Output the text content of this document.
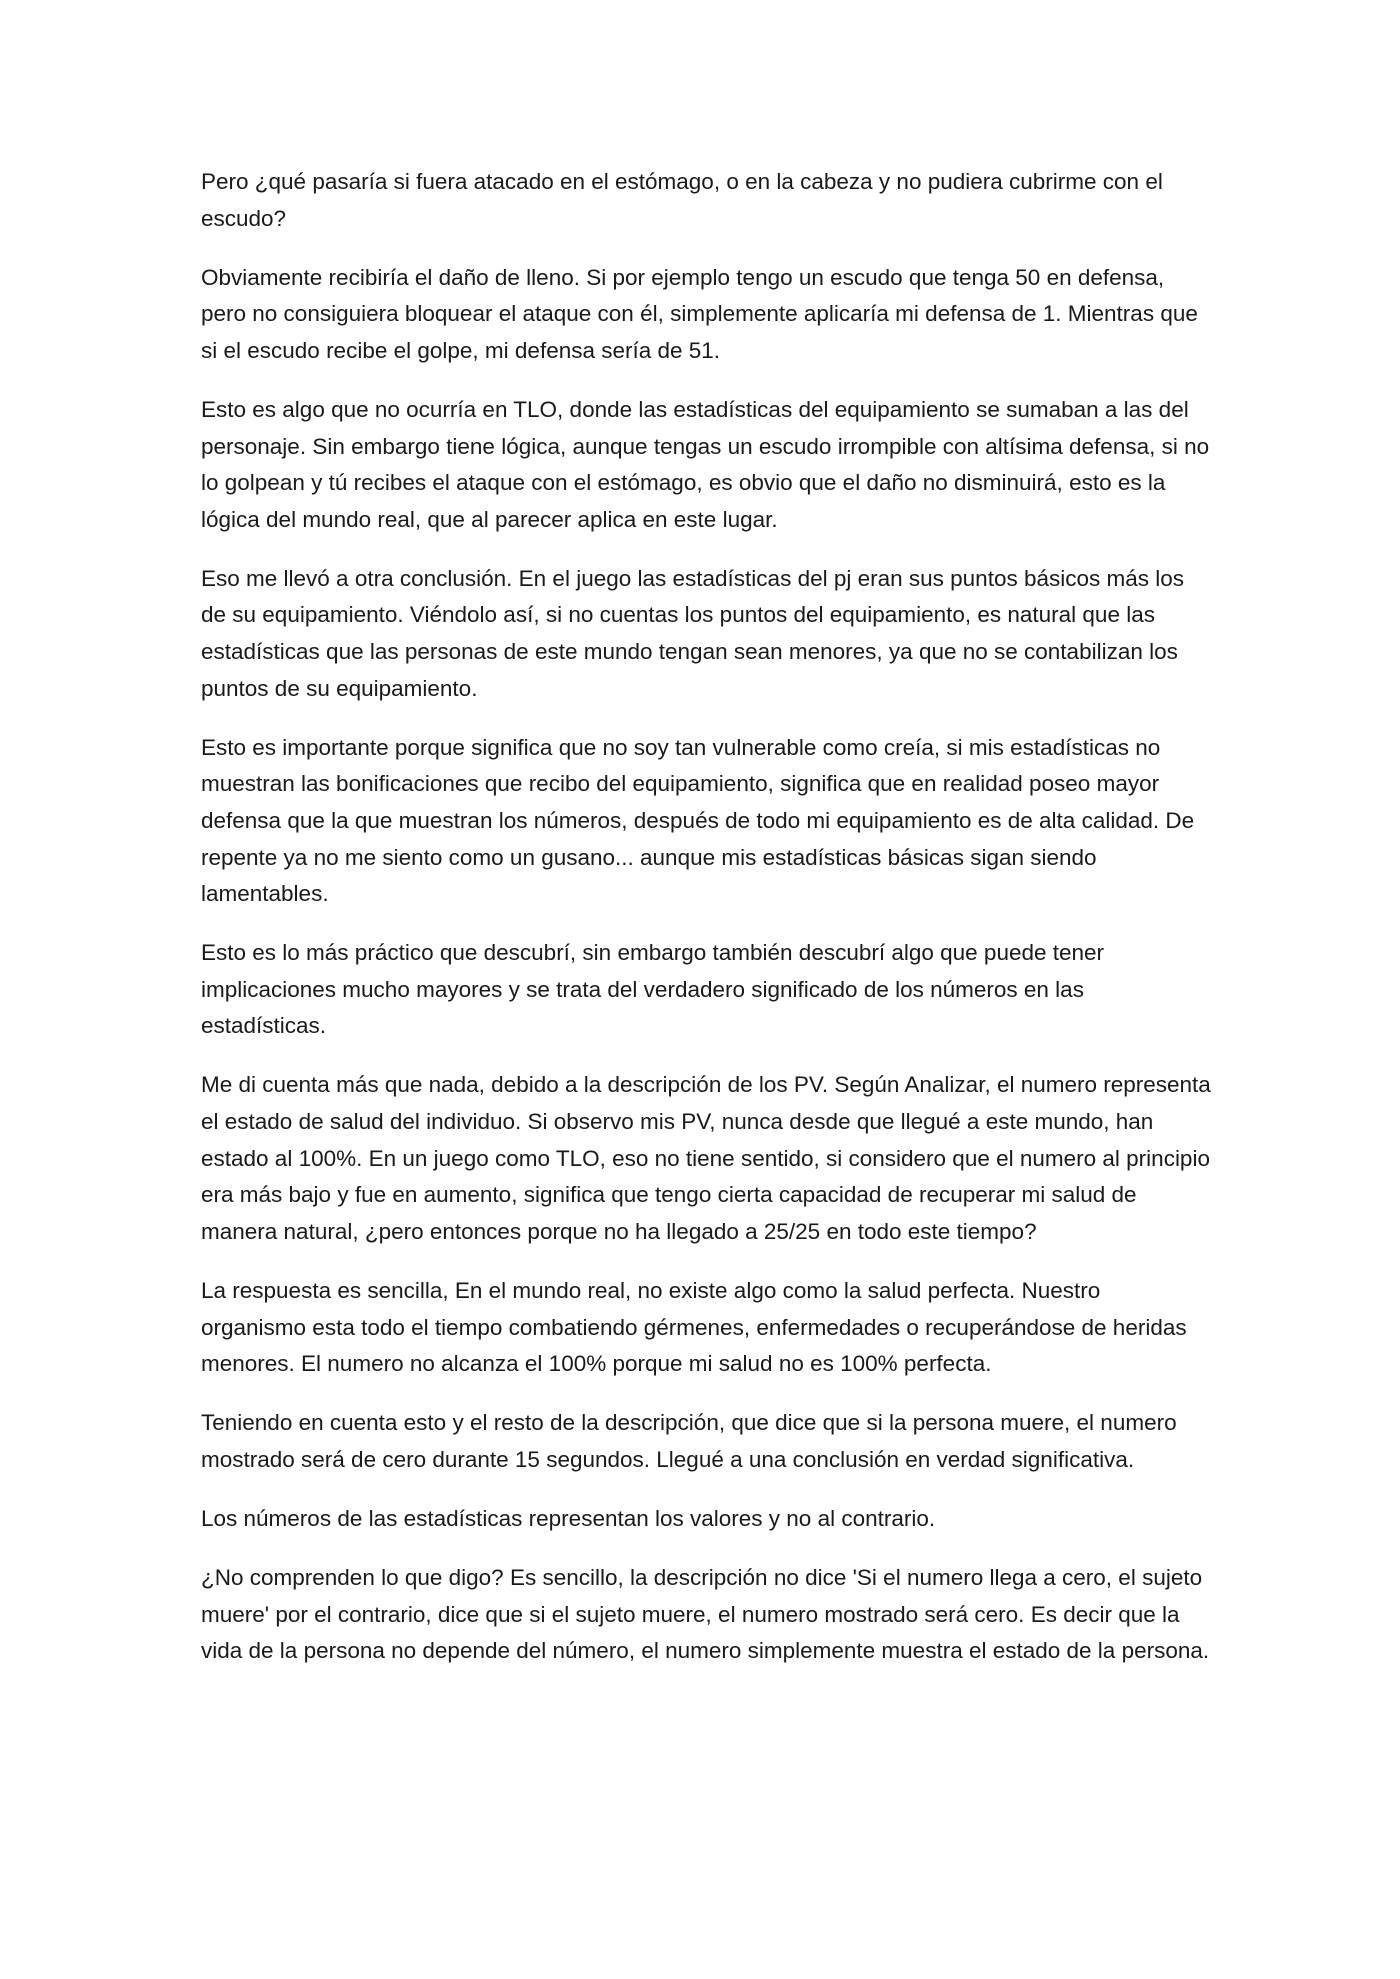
Pero ¿qué pasaría si fuera atacado en el estómago, o en la cabeza y no pudiera cubrirme con el escudo?

Obviamente recibiría el daño de lleno. Si por ejemplo tengo un escudo que tenga 50 en defensa, pero no consiguiera bloquear el ataque con él, simplemente aplicaría mi defensa de 1. Mientras que si el escudo recibe el golpe, mi defensa sería de 51.

Esto es algo que no ocurría en TLO, donde las estadísticas del equipamiento se sumaban a las del personaje. Sin embargo tiene lógica, aunque tengas un escudo irrompible con altísima defensa, si no lo golpean y tú recibes el ataque con el estómago, es obvio que el daño no disminuirá, esto es la lógica del mundo real, que al parecer aplica en este lugar.

Eso me llevó a otra conclusión. En el juego las estadísticas del pj eran sus puntos básicos más los de su equipamiento. Viéndolo así, si no cuentas los puntos del equipamiento, es natural que las estadísticas que las personas de este mundo tengan sean menores, ya que no se contabilizan los puntos de su equipamiento.

Esto es importante porque significa que no soy tan vulnerable como creía, si mis estadísticas no muestran las bonificaciones que recibo del equipamiento, significa que en realidad poseo mayor defensa que la que muestran los números, después de todo mi equipamiento es de alta calidad. De repente ya no me siento como un gusano... aunque mis estadísticas básicas sigan siendo lamentables.

Esto es lo más práctico que descubrí, sin embargo también descubrí algo que puede tener implicaciones mucho mayores y se trata del verdadero significado de los números en las estadísticas.

Me di cuenta más que nada, debido a la descripción de los PV. Según Analizar, el numero representa el estado de salud del individuo. Si observo mis PV, nunca desde que llegué a este mundo, han estado al 100%. En un juego como TLO, eso no tiene sentido, si considero que el numero al principio era más bajo y fue en aumento, significa que tengo cierta capacidad de recuperar mi salud de manera natural, ¿pero entonces porque no ha llegado a 25/25 en todo este tiempo?

La respuesta es sencilla, En el mundo real, no existe algo como la salud perfecta. Nuestro organismo esta todo el tiempo combatiendo gérmenes, enfermedades o recuperándose de heridas menores. El numero no alcanza el 100% porque mi salud no es 100% perfecta.

Teniendo en cuenta esto y el resto de la descripción, que dice que si la persona muere, el numero mostrado será de cero durante 15 segundos. Llegué a una conclusión en verdad significativa.

Los números de las estadísticas representan los valores y no al contrario.

¿No comprenden lo que digo? Es sencillo, la descripción no dice 'Si el numero llega a cero, el sujeto muere' por el contrario, dice que si el sujeto muere, el numero mostrado será cero. Es decir que la vida de la persona no depende del número, el numero simplemente muestra el estado de la persona.
